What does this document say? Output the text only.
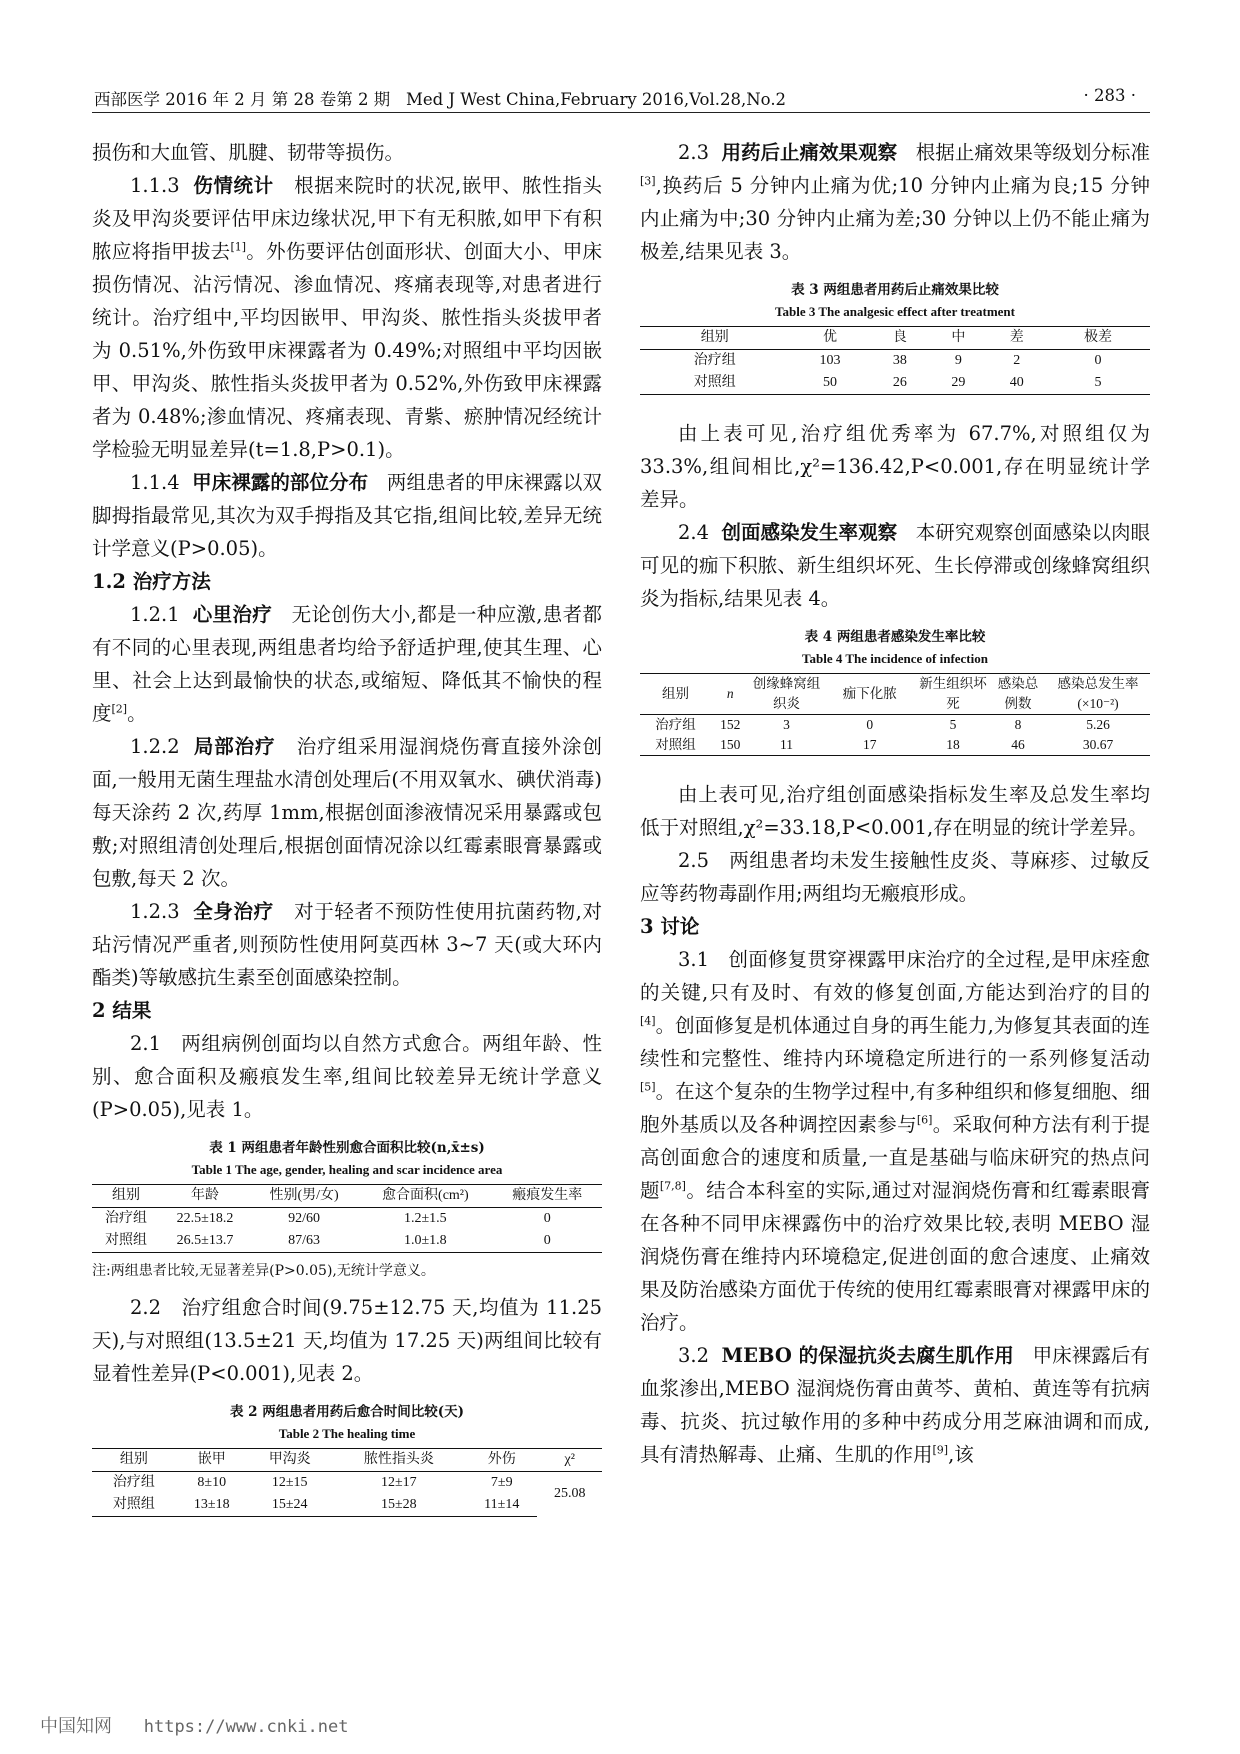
西部医学 2016 年 2 月 第 28 卷第 2 期 Med J West China,February 2016,Vol.28,No.2	· 283 ·

损伤和大血管、肌腱、韧带等损伤。

1.1.3 伤情统计 根据来院时的状况,嵌甲、脓性指头炎及甲沟炎要评估甲床边缘状况,甲下有无积脓,如甲下有积脓应将指甲拔去[1]。外伤要评估创面形状、创面大小、甲床损伤情况、沾污情况、渗血情况、疼痛表现等,对患者进行统计。治疗组中,平均因嵌甲、甲沟炎、脓性指头炎拔甲者为 0.51%,外伤致甲床裸露者为 0.49%;对照组中平均因嵌甲、甲沟炎、脓性指头炎拔甲者为 0.52%,外伤致甲床裸露者为 0.48%;渗血情况、疼痛表现、青紫、瘀肿情况经统计学检验无明显差异(t=1.8,P>0.1)。

1.1.4 甲床裸露的部位分布 两组患者的甲床裸露以双脚拇指最常见,其次为双手拇指及其它指,组间比较,差异无统计学意义(P>0.05)。

1.2 治疗方法

1.2.1 心里治疗 无论创伤大小,都是一种应激,患者都有不同的心里表现,两组患者均给予舒适护理,使其生理、心里、社会上达到最愉快的状态,或缩短、降低其不愉快的程度[2]。

1.2.2 局部治疗 治疗组采用湿润烧伤膏直接外涂创面,一般用无菌生理盐水清创处理后(不用双氧水、碘伏消毒)每天涂药 2 次,药厚 1mm,根据创面渗液情况采用暴露或包敷;对照组清创处理后,根据创面情况涂以红霉素眼膏暴露或包敷,每天 2 次。

1.2.3 全身治疗 对于轻者不预防性使用抗菌药物,对玷污情况严重者,则预防性使用阿莫西林 3~7 天(或大环内酯类)等敏感抗生素至创面感染控制。

2 结果

2.1 两组病例创面均以自然方式愈合。两组年龄、性别、愈合面积及瘢痕发生率,组间比较差异无统计学意义(P>0.05),见表 1。

表 1 两组患者年龄性别愈合面积比较(n,x̄±s)
Table 1 The age, gender, healing and scar incidence area
组别	年龄	性别(男/女)	愈合面积(cm²)	瘢痕发生率
治疗组	22.5±18.2	92/60	1.2±1.5	0
对照组	26.5±13.7	87/63	1.0±1.8	0
注:两组患者比较,无显著差异(P>0.05),无统计学意义。

2.2 治疗组愈合时间(9.75±12.75 天,均值为 11.25 天),与对照组(13.5±21 天,均值为 17.25 天)两组间比较有显着性差异(P<0.001),见表 2。

表 2 两组患者用药后愈合时间比较(天)
Table 2 The healing time
组别	嵌甲	甲沟炎	脓性指头炎	外伤	χ²
治疗组	8±10	12±15	12±17	7±9	25.08
对照组	13±18	15±24	15±28	11±14	

2.3 用药后止痛效果观察 根据止痛效果等级划分标准[3],换药后 5 分钟内止痛为优;10 分钟内止痛为良;15 分钟内止痛为中;30 分钟内止痛为差;30 分钟以上仍不能止痛为极差,结果见表 3。

表 3 两组患者用药后止痛效果比较
Table 3 The analgesic effect after treatment
组别	优	良	中	差	极差
治疗组	103	38	9	2	0
对照组	50	26	29	40	5

由上表可见,治疗组优秀率为 67.7%,对照组仅为 33.3%,组间相比,χ²=136.42,P<0.001,存在明显统计学差异。

2.4 创面感染发生率观察 本研究观察创面感染以肉眼可见的痂下积脓、新生组织坏死、生长停滞或创缘蜂窝组织炎为指标,结果见表 4。

表 4 两组患者感染发生率比较
Table 4 The incidence of infection
组别	n	创缘蜂窝组织炎	痂下化脓	新生组织坏死	感染总例数	感染总发生率(×10⁻²)
治疗组	152	3	0	5	8	5.26
对照组	150	11	17	18	46	30.67

由上表可见,治疗组创面感染指标发生率及总发生率均低于对照组,χ²=33.18,P<0.001,存在明显的统计学差异。

2.5 两组患者均未发生接触性皮炎、荨麻疹、过敏反应等药物毒副作用;两组均无瘢痕形成。

3 讨论

3.1 创面修复贯穿裸露甲床治疗的全过程,是甲床痊愈的关键,只有及时、有效的修复创面,方能达到治疗的目的[4]。创面修复是机体通过自身的再生能力,为修复其表面的连续性和完整性、维持内环境稳定所进行的一系列修复活动[5]。在这个复杂的生物学过程中,有多种组织和修复细胞、细胞外基质以及各种调控因素参与[6]。采取何种方法有利于提高创面愈合的速度和质量,一直是基础与临床研究的热点问题[7,8]。结合本科室的实际,通过对湿润烧伤膏和红霉素眼膏在各种不同甲床裸露伤中的治疗效果比较,表明 MEBO 湿润烧伤膏在维持内环境稳定,促进创面的愈合速度、止痛效果及防治感染方面优于传统的使用红霉素眼膏对裸露甲床的治疗。

3.2 MEBO 的保湿抗炎去腐生肌作用 甲床裸露后有血浆渗出,MEBO 湿润烧伤膏由黄芩、黄柏、黄连等有抗病毒、抗炎、抗过敏作用的多种中药成分用芝麻油调和而成,具有清热解毒、止痛、生肌的作用[9],该

中国知网 https://www.cnki.net
